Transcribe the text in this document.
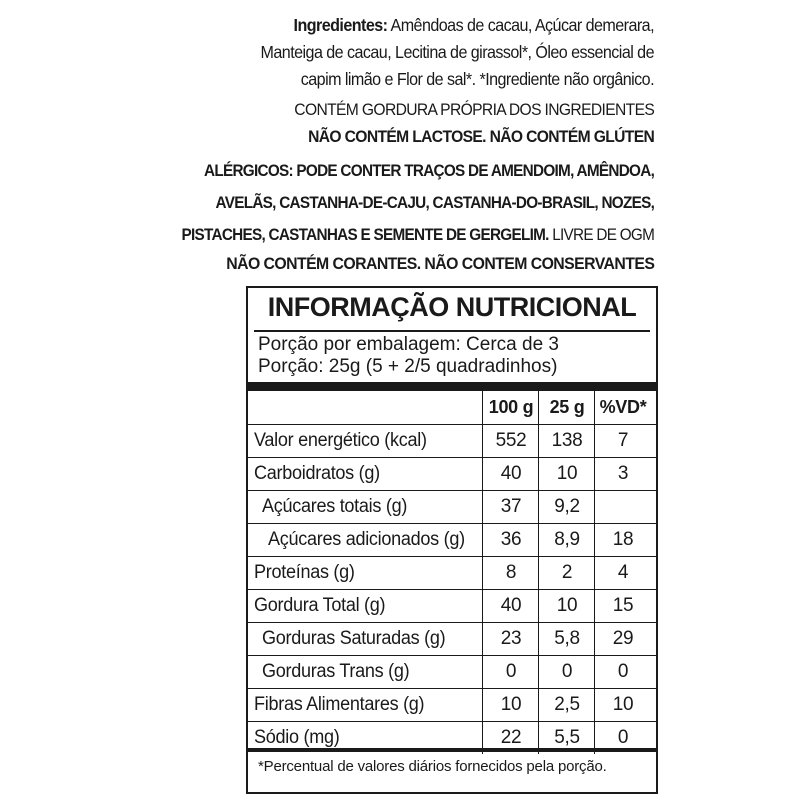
Ingredientes: Amêndoas de cacau, Açúcar demerara,
Manteiga de cacau, Lecitina de girassol*, Óleo essencial de
capim limão e Flor de sal*. *Ingrediente não orgânico.
CONTÉM GORDURA PRÓPRIA DOS INGREDIENTES
NÃO CONTÉM LACTOSE. NÃO CONTÉM GLÚTEN
ALÉRGICOS: PODE CONTER TRAÇOS DE AMENDOIM, AMÊNDOA,
AVELÃS, CASTANHA-DE-CAJU, CASTANHA-DO-BRASIL, NOZES,
PISTACHES, CASTANHAS E SEMENTE DE GERGELIM. LIVRE DE OGM
NÃO CONTÉM CORANTES. NÃO CONTEM CONSERVANTES
INFORMAÇÃO NUTRICIONAL
Porção por embalagem: Cerca de 3
Porção: 25g (5 + 2/5 quadradinhos)
100 g 25 g %VD*
Valor energético (kcal)	552	138	7
Carboidratos (g)	40	10	3
Açúcares totais (g)	37	9,2
Açúcares adicionados (g)	36	8,9	18
Proteínas (g)	8	2	4
Gordura Total (g)	40	10	15
Gorduras Saturadas (g)	23	5,8	29
Gorduras Trans (g)	0	0	0
Fibras Alimentares (g)	10	2,5	10
Sódio (mg)	22	5,5	0
*Percentual de valores diários fornecidos pela porção.
